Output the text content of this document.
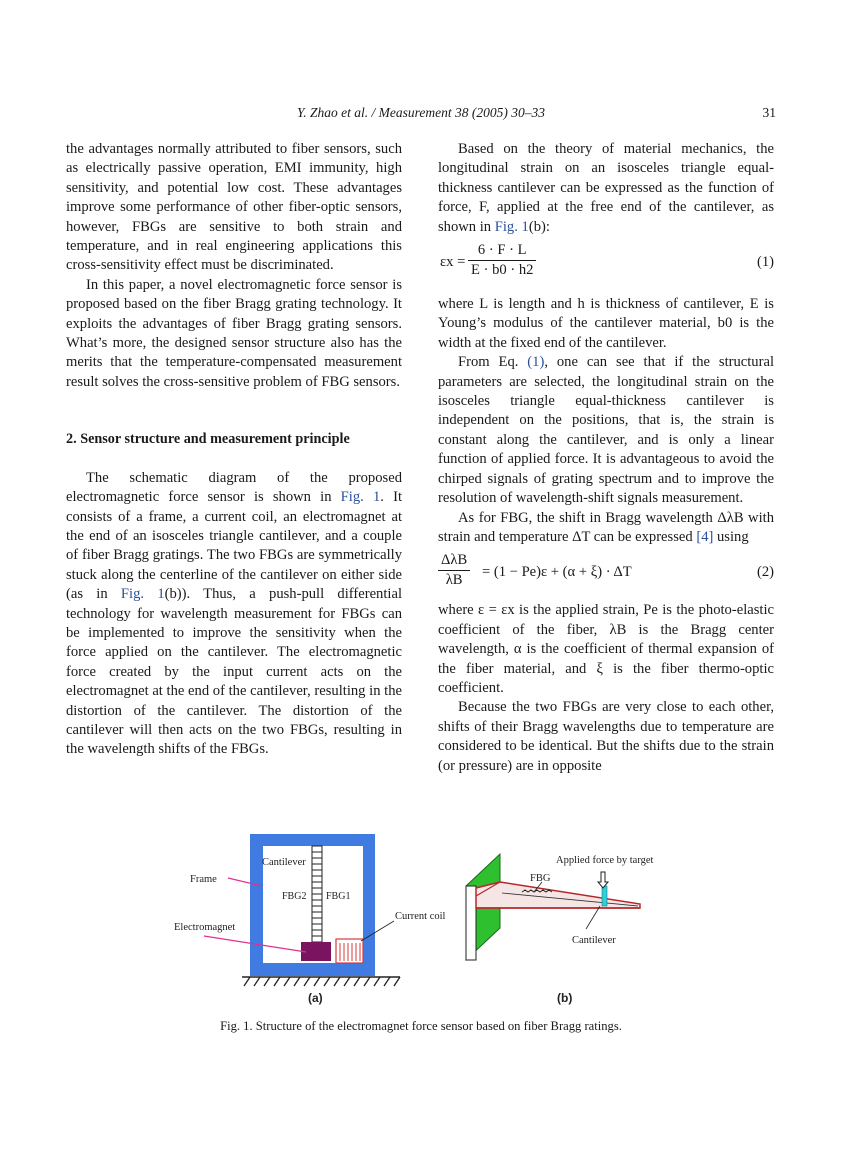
Y. Zhao et al. / Measurement 38 (2005) 30–33	31

the advantages normally attributed to fiber sensors, such as electrically passive operation, EMI immunity, high sensitivity, and potential low cost. These advantages improve some performance of other fiber-optic sensors, however, FBGs are sensitive to both strain and temperature, and in real engineering applications this cross-sensitivity effect must be discriminated.

In this paper, a novel electromagnetic force sensor is proposed based on the fiber Bragg grating technology. It exploits the advantages of fiber Bragg grating sensors. What’s more, the designed sensor structure also has the merits that the temperature-compensated measurement result solves the cross-sensitive problem of FBG sensors.

2. Sensor structure and measurement principle

The schematic diagram of the proposed electromagnetic force sensor is shown in Fig. 1. It consists of a frame, a current coil, an electromagnet at the end of an isosceles triangle cantilever, and a couple of fiber Bragg gratings. The two FBGs are symmetrically stuck along the centerline of the cantilever on either side (as in Fig. 1(b)). Thus, a push-pull differential technology for wavelength measurement for FBGs can be implemented to improve the sensitivity when the force applied on the cantilever. The electromagnetic force created by the input current acts on the electromagnet at the end of the cantilever, resulting in the distortion of the cantilever. The distortion of the cantilever will then acts on the two FBGs, resulting in the wavelength shifts of the FBGs.

Based on the theory of material mechanics, the longitudinal strain on an isosceles triangle equal-thickness cantilever can be expressed as the function of force, F, applied at the free end of the cantilever, as shown in Fig. 1(b):

$\varepsilon x = \frac{6 \cdot F \cdot L}{E \cdot b0 \cdot h2}$	(1)

where L is length and h is thickness of cantilever, E is Young’s modulus of the cantilever material, b0 is the width at the fixed end of the cantilever.

From Eq. (1), one can see that if the structural parameters are selected, the longitudinal strain on the isosceles triangle equal-thickness cantilever is independent on the positions, that is, the strain is constant along the cantilever, and is only a linear function of applied force. It is advantageous to avoid the chirped signals of grating spectrum and to improve the resolution of wavelength-shift signals measurement.

As for FBG, the shift in Bragg wavelength ΔλB with strain and temperature ΔT can be expressed [4] using

ΔλB
λB	= (1 − Pe)ε + (α + ξ) · ΔT	(2)

where ε = εx is the applied strain, Pe is the photo-elastic coefficient of the fiber, λB is the Bragg center wavelength, α is the coefficient of thermal expansion of the fiber material, and ξ is the fiber thermo-optic coefficient.

Because the two FBGs are very close to each other, shifts of their Bragg wavelengths due to temperature are considered to be identical. But the shifts due to the strain (or pressure) are in opposite

Frame
Cantilever
FBG2 FBG1
Current coil
Electromagnet
(a)
Applied force by target
FBG
Cantilever
(b)
Fig. 1. Structure of the electromagnet force sensor based on fiber Bragg ratings.
